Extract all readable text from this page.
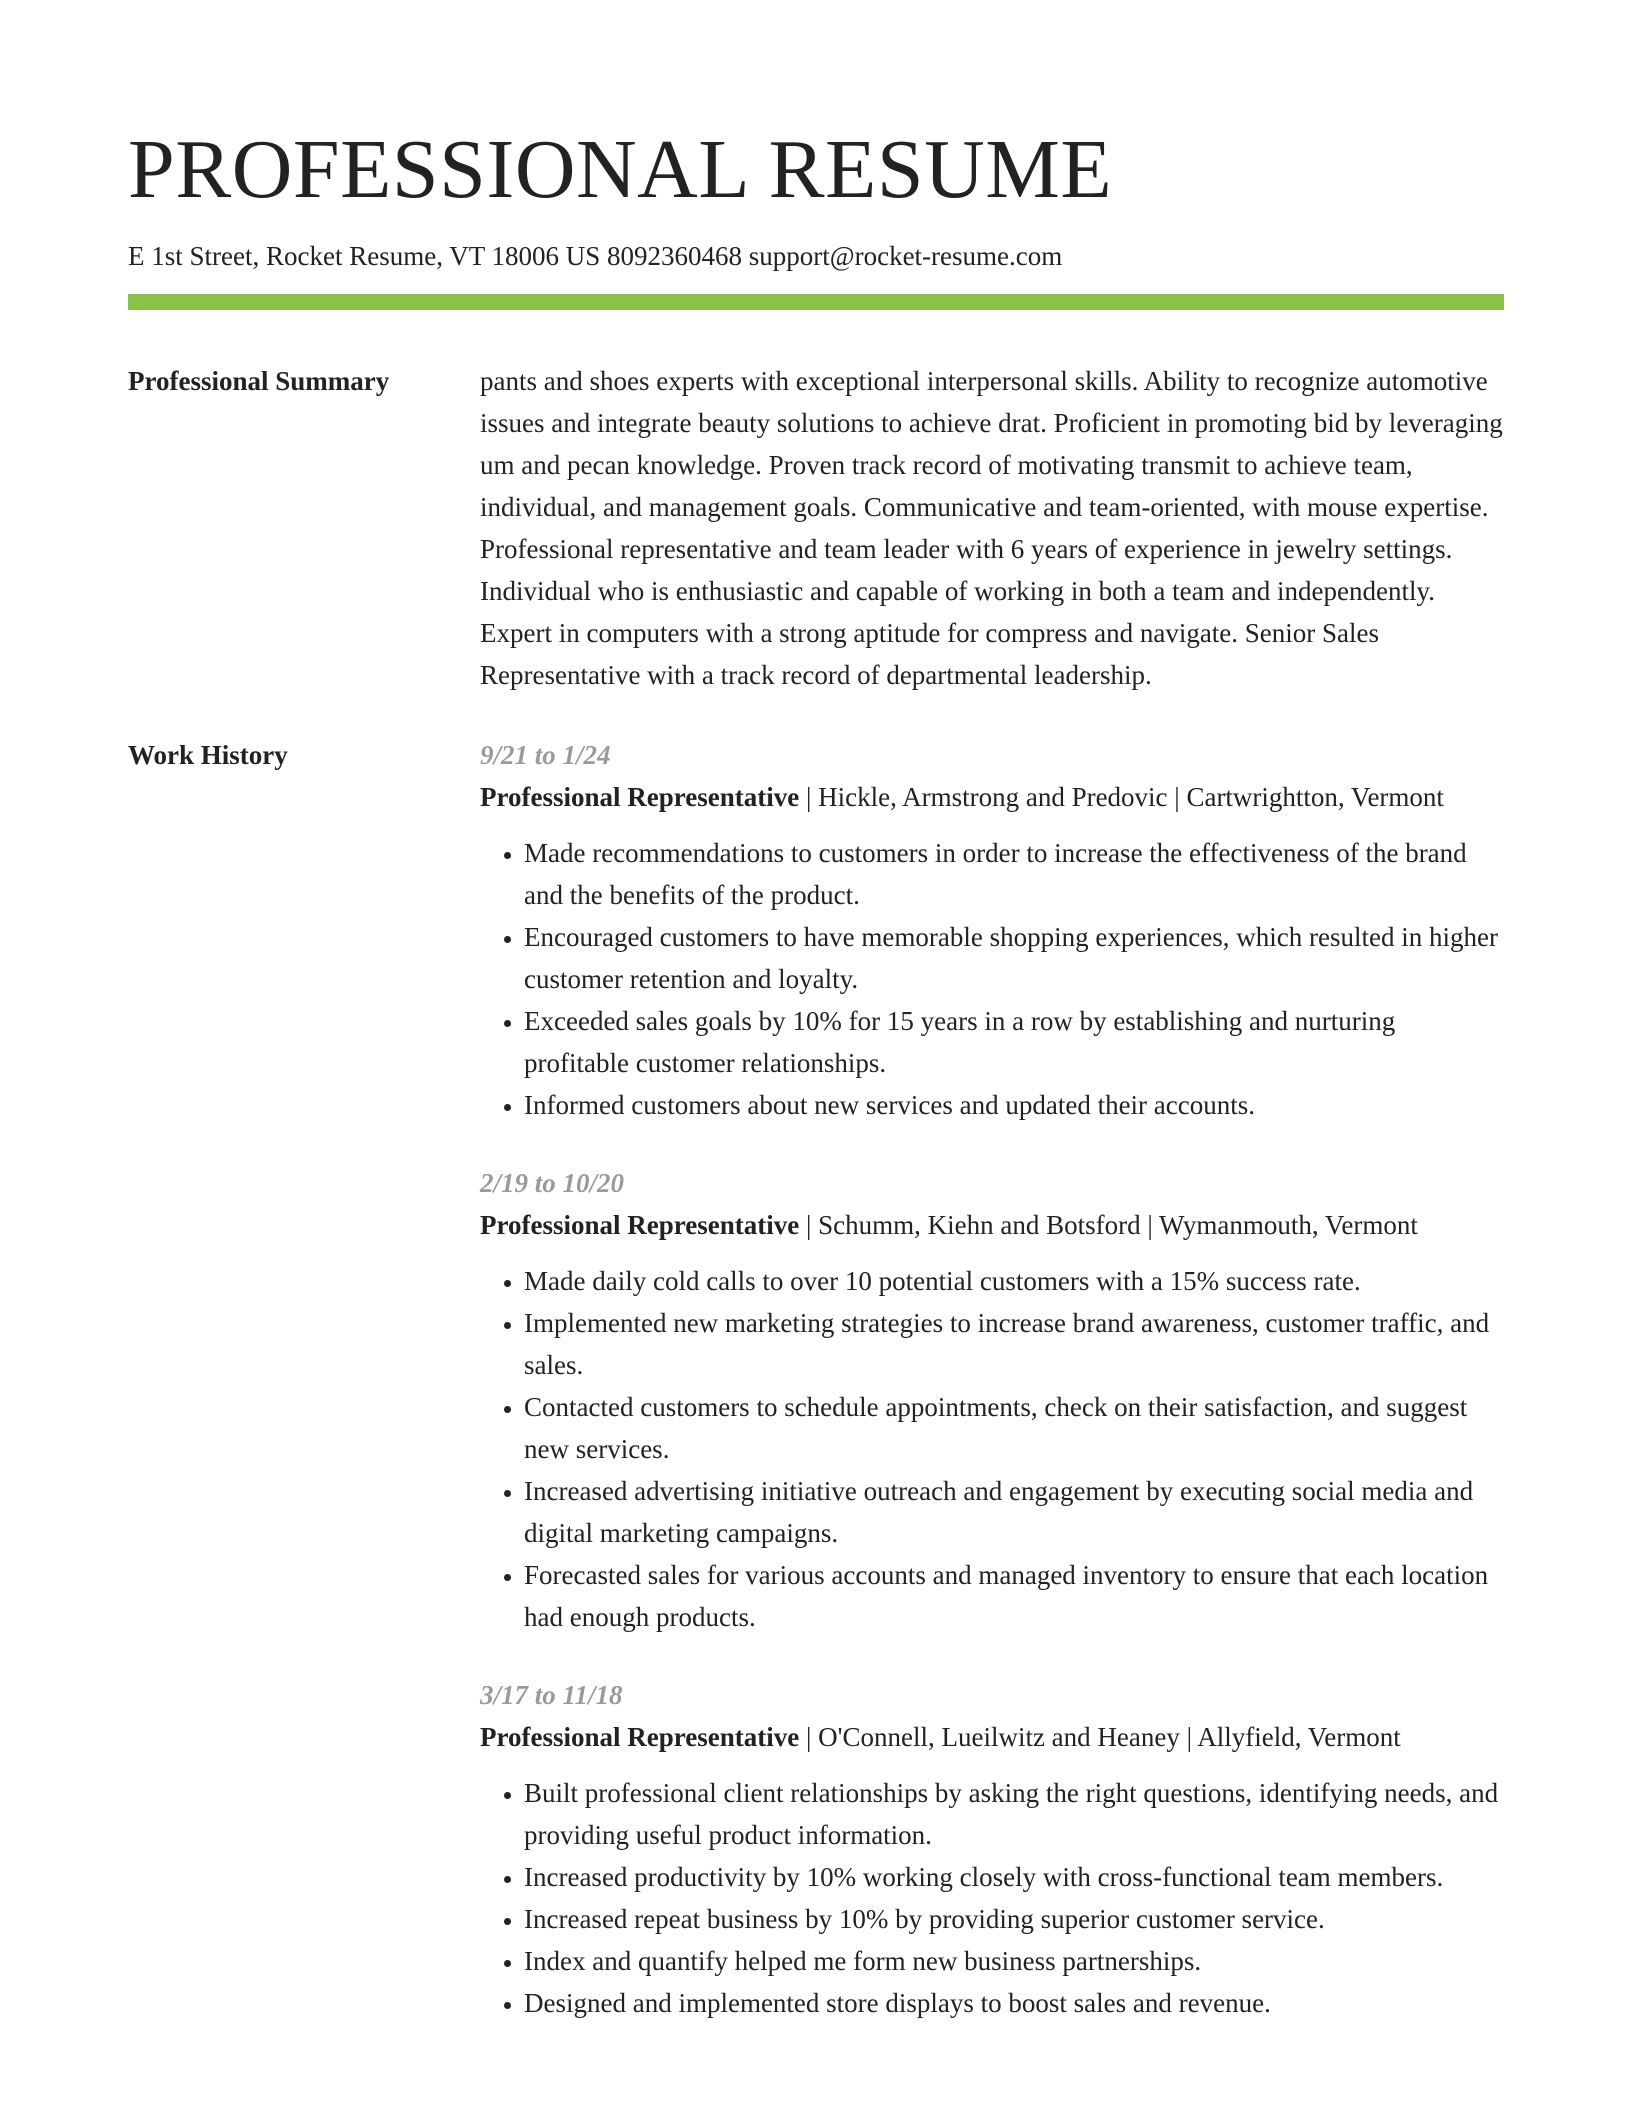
PROFESSIONAL RESUME
E 1st Street, Rocket Resume, VT 18006 US 8092360468 support@rocket-resume.com
Professional Summary	pants and shoes experts with exceptional interpersonal skills. Ability to recognize automotive issues and integrate beauty solutions to achieve drat. Proficient in promoting bid by leveraging um and pecan knowledge. Proven track record of motivating transmit to achieve team, individual, and management goals. Communicative and team-oriented, with mouse expertise. Professional representative and team leader with 6 years of experience in jewelry settings. Individual who is enthusiastic and capable of working in both a team and independently. Expert in computers with a strong aptitude for compress and navigate. Senior Sales Representative with a track record of departmental leadership.

Work History	9/21 to 1/24

Professional Representative | Hickle, Armstrong and Predovic | Cartwrightton, Vermont

• Made recommendations to customers in order to increase the effectiveness of the brand and the benefits of the product.
• Encouraged customers to have memorable shopping experiences, which resulted in higher customer retention and loyalty.
• Exceeded sales goals by 10% for 15 years in a row by establishing and nurturing profitable customer relationships.
• Informed customers about new services and updated their accounts.
2/19 to 10/20

Professional Representative | Schumm, Kiehn and Botsford | Wymanmouth, Vermont

• Made daily cold calls to over 10 potential customers with a 15% success rate.
• Implemented new marketing strategies to increase brand awareness, customer traffic, and sales.
• Contacted customers to schedule appointments, check on their satisfaction, and suggest new services.
• Increased advertising initiative outreach and engagement by executing social media and digital marketing campaigns.
• Forecasted sales for various accounts and managed inventory to ensure that each location had enough products.
3/17 to 11/18

Professional Representative | O'Connell, Lueilwitz and Heaney | Allyfield, Vermont

• Built professional client relationships by asking the right questions, identifying needs, and providing useful product information.
• Increased productivity by 10% working closely with cross-functional team members.
• Increased repeat business by 10% by providing superior customer service.
• Index and quantify helped me form new business partnerships.
• Designed and implemented store displays to boost sales and revenue.
